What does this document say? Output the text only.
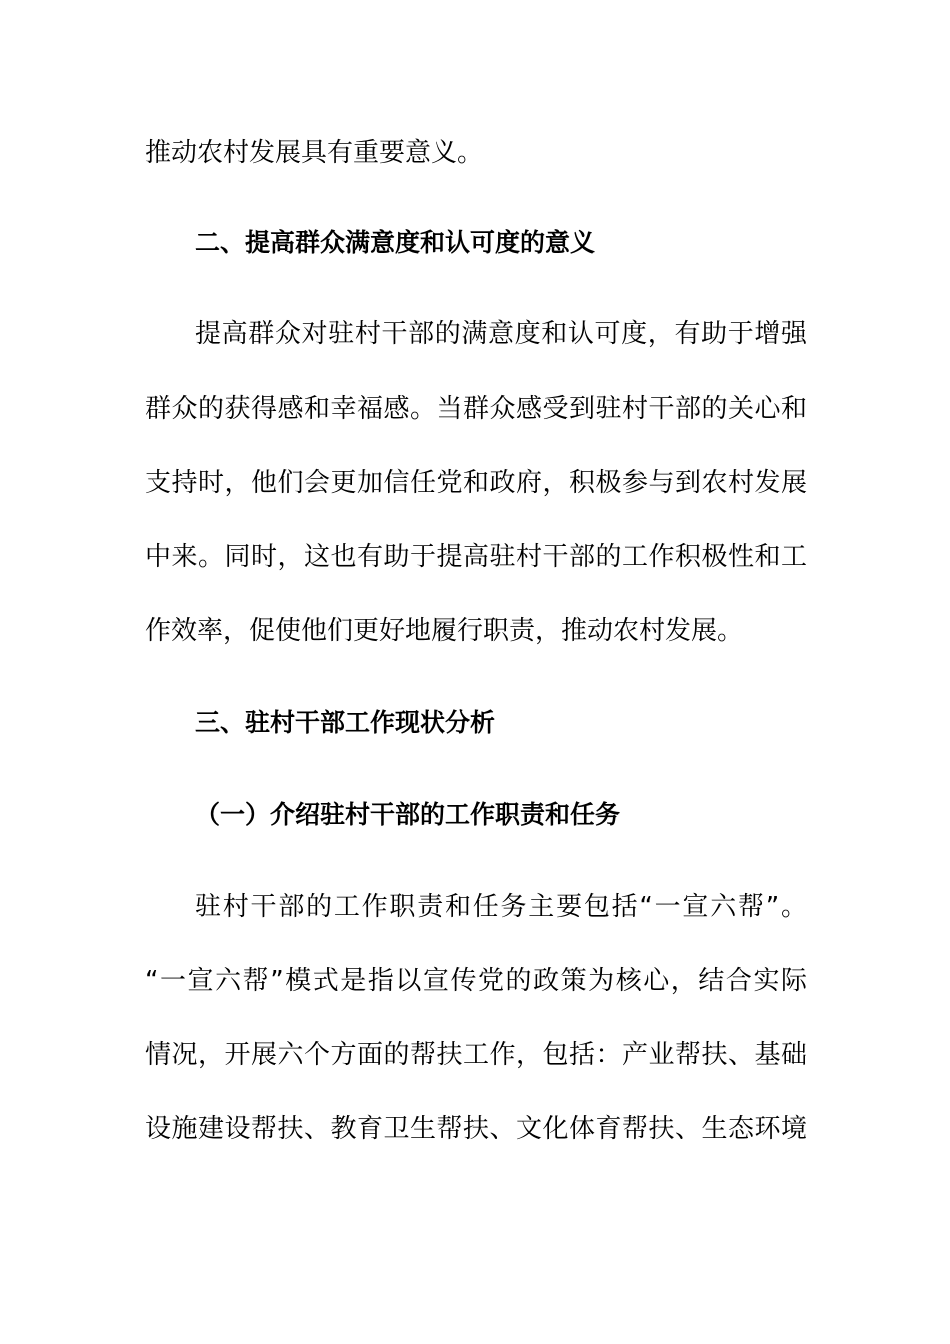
推动农村发展具有重要意义。
二、提高群众满意度和认可度的意义
提高群众对驻村干部的满意度和认可度，有助于增强
群众的获得感和幸福感。当群众感受到驻村干部的关心和
支持时，他们会更加信任党和政府，积极参与到农村发展
中来。同时，这也有助于提高驻村干部的工作积极性和工
作效率，促使他们更好地履行职责，推动农村发展。
三、驻村干部工作现状分析
（一）介绍驻村干部的工作职责和任务
驻村干部的工作职责和任务主要包括“一宣六帮”。
“一宣六帮”模式是指以宣传党的政策为核心，结合实际
情况，开展六个方面的帮扶工作，包括：产业帮扶、基础
设施建设帮扶、教育卫生帮扶、文化体育帮扶、生态环境
